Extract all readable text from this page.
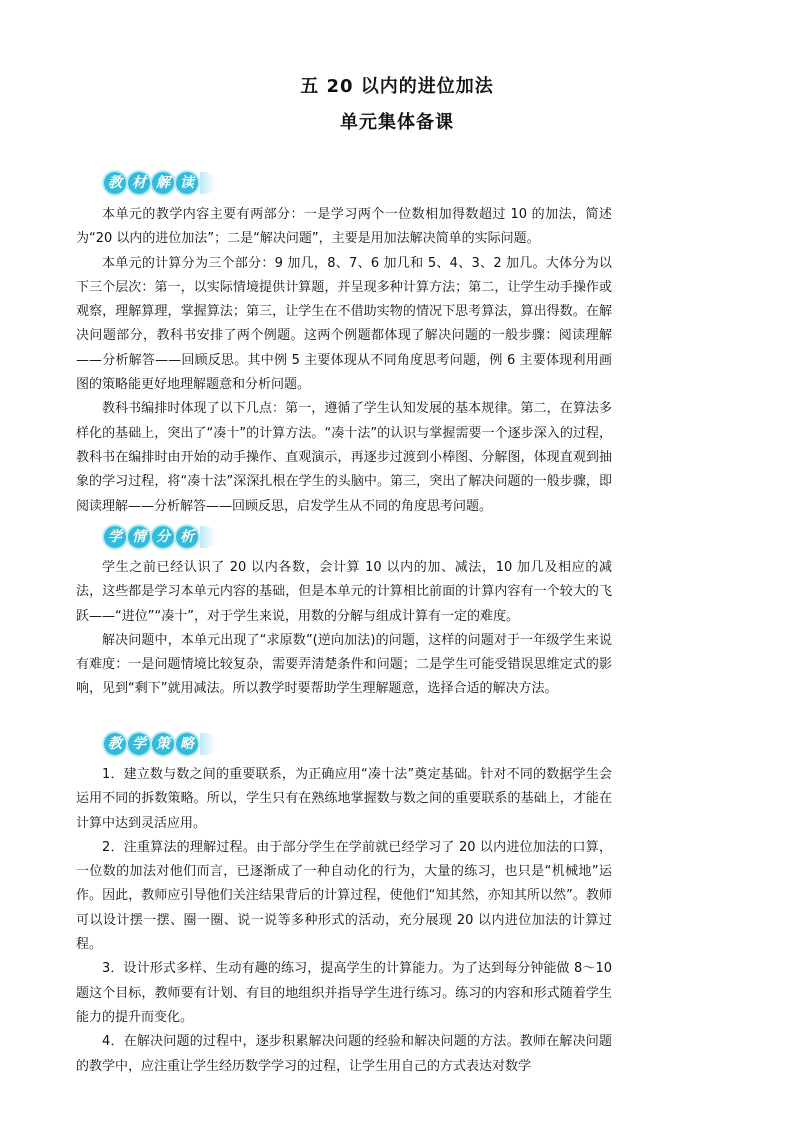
五 20 以内的进位加法
单元集体备课
教 材 解 读

本单元的教学内容主要有两部分：一是学习两个一位数相加得数超过 10 的加法，简述为“20 以内的进位加法”；二是“解决问题”，主要是用加法解决简单的实际问题。

本单元的计算分为三个部分：9 加几，8、7、6 加几和 5、4、3、2 加几。大体分为以下三个层次：第一，以实际情境提供计算题，并呈现多种计算方法；第二，让学生动手操作或观察，理解算理，掌握算法；第三，让学生在不借助实物的情况下思考算法，算出得数。在解决问题部分，教科书安排了两个例题。这两个例题都体现了解决问题的一般步骤：阅读理解——分析解答——回顾反思。其中例 5 主要体现从不同角度思考问题，例 6 主要体现利用画图的策略能更好地理解题意和分析问题。

教科书编排时体现了以下几点：第一，遵循了学生认知发展的基本规律。第二，在算法多样化的基础上，突出了“凑十”的计算方法。“凑十法”的认识与掌握需要一个逐步深入的过程，教科书在编排时由开始的动手操作、直观演示，再逐步过渡到小棒图、分解图，体现直观到抽象的学习过程，将“凑十法”深深扎根在学生的头脑中。第三，突出了解决问题的一般步骤，即阅读理解——分析解答——回顾反思，启发学生从不同的角度思考问题。

学 情 分 析

学生之前已经认识了 20 以内各数，会计算 10 以内的加、减法，10 加几及相应的减法，这些都是学习本单元内容的基础，但是本单元的计算相比前面的计算内容有一个较大的飞跃——“进位”“凑十”，对于学生来说，用数的分解与组成计算有一定的难度。

解决问题中，本单元出现了“求原数”(逆向加法)的问题，这样的问题对于一年级学生来说有难度：一是问题情境比较复杂，需要弄清楚条件和问题；二是学生可能受错误思维定式的影响，见到“剩下”就用减法。所以教学时要帮助学生理解题意，选择合适的解决方法。

教 学 策 略

1．建立数与数之间的重要联系，为正确应用“凑十法”奠定基础。针对不同的数据学生会运用不同的拆数策略。所以，学生只有在熟练地掌握数与数之间的重要联系的基础上，才能在计算中达到灵活应用。

2．注重算法的理解过程。由于部分学生在学前就已经学习了 20 以内进位加法的口算，一位数的加法对他们而言，已逐渐成了一种自动化的行为，大量的练习，也只是“机械地”运作。因此，教师应引导他们关注结果背后的计算过程，使他们“知其然，亦知其所以然”。教师可以设计摆一摆、圈一圈、说一说等多种形式的活动，充分展现 20 以内进位加法的计算过程。

3．设计形式多样、生动有趣的练习，提高学生的计算能力。为了达到每分钟能做 8～10 题这个目标，教师要有计划、有目的地组织并指导学生进行练习。练习的内容和形式随着学生能力的提升而变化。

4．在解决问题的过程中，逐步积累解决问题的经验和解决问题的方法。教师在解决问题的教学中，应注重让学生经历数学学习的过程，让学生用自己的方式表达对数学
